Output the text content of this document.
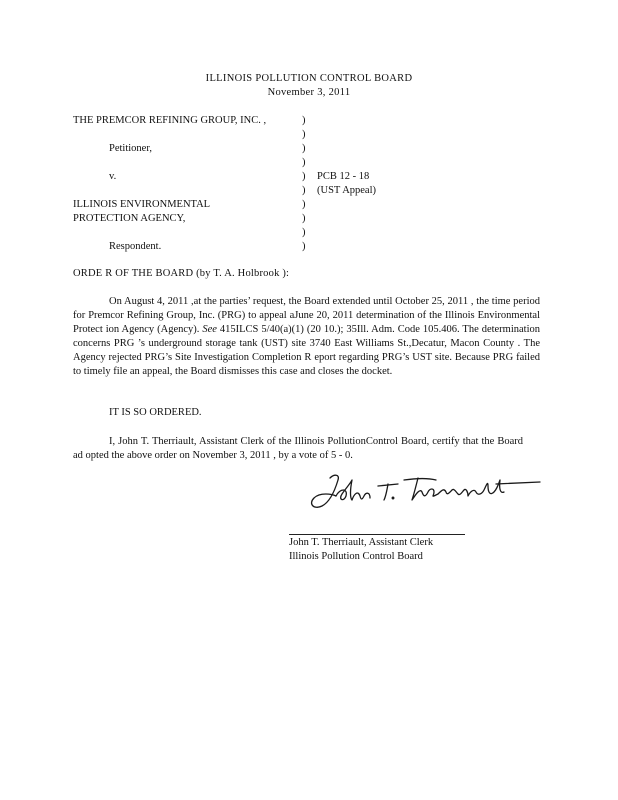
ILLINOIS POLLUTION CONTROL BOARD
November 3, 2011
THE PREMCOR REFINING GROUP, INC. ,
Petitioner,
v.
ILLINOIS ENVIRONMENTAL
PROTECTION AGENCY,
Respondent.
)
)
)
)
)
)
)
)
)
)
PCB 12 - 18
(UST Appeal)
ORDE R OF THE BOARD (by T. A. Holbrook ):
On August 4, 2011 ,at the parties’ request, the Board extended until October 25, 2011 , the time period for Premcor Refining Group, Inc. (PRG) to appeal aJune 20, 2011 determination of the Illinois Environmental Protect ion Agency (Agency). See 415ILCS 5/40(a)(1) (20 10.); 35Ill. Adm. Code 105.406. The determination concerns PRG ’s underground storage tank (UST) site 3740 East Williams St.,Decatur, Macon County . The Agency rejected PRG’s Site Investigation Completion R eport regarding PRG’s UST site. Because PRG failed to timely file an appeal, the Board dismisses this case and closes the docket.
IT IS SO ORDERED.
I, John T. Therriault, Assistant Clerk of the Illinois PollutionControl Board, certify that the Board ad opted the above order on November 3, 2011 , by a vote of 5 - 0.
John T. Therriault, Assistant Clerk
Illinois Pollution Control Board
